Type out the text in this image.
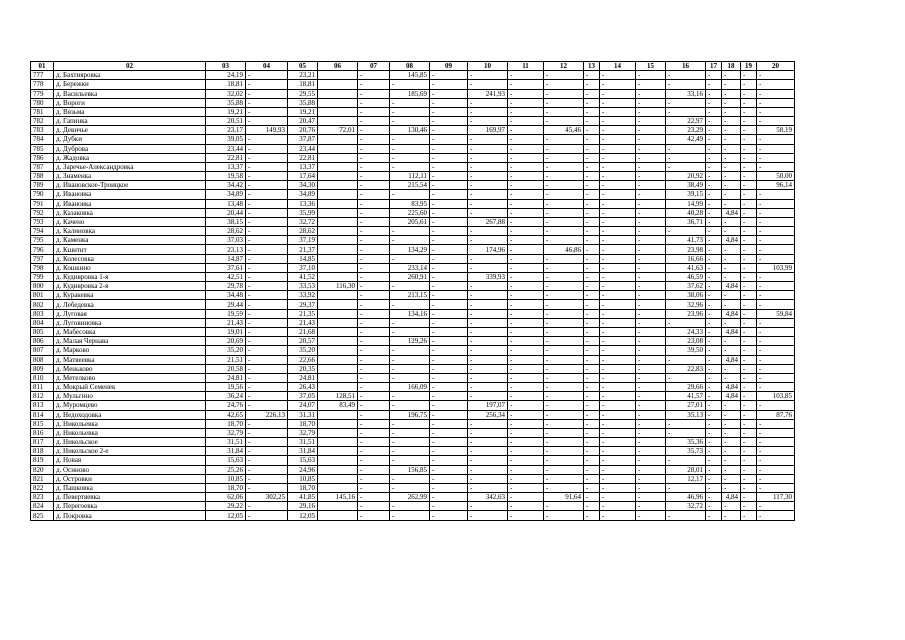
01	02	03	04	05	06	07	08	09	10	11	12	13	14	15	16	17	18	19	20
777	д. Бахтияровка	24,19	-	23,21		-	145,85	-	-	-	-	-	-	-	-	-	-	-	-
778	д. Бережки	18,81	-	18,81		-	-	-	-	-	-	-	-	-	-	-	-	-	-
779	д. Васильевка	32,02	-	29,55		-	185,69	-	241,93	-	-	-	-	-	33,16	-	-	-	-
780	д. Вороги	35,88	-	35,88		-	-	-	-	-	-	-	-	-	-	-	-	-	-
781	д. Вязьма	19,21	-	19,21		-	-	-	-	-	-	-	-	-	-	-	-	-	-
782	д. Гапинка	20,51	-	20,47		-	-	-	-	-	-	-	-	-	22,97	-	-	-	-
783	д. Девичье	23,17	149,93	20,76	72,01	-	130,46	-	169,97	-	45,46	-	-	-	23,29	-	-	-	58,19
784	д. Дубки	39,05	-	37,87		-	-	-	-	-	-	-	-	-	42,49	-	-	-	-
785	д. Дуброва	23,44	-	23,44		-	-	-	-	-	-	-	-	-	-	-	-	-	-
786	д. Жадовка	22,81	-	22,81		-	-	-	-	-	-	-	-	-	-	-	-	-	-
787	д. Заречье-Александровка	13,37	-	13,37		-	-	-	-	-	-	-	-	-	-	-	-	-	-
788	д. Знаменка	19,58	-	17,64		-	112,11	-	-	-	-	-	-	-	20,92	-	-	-	50,00
789	д. Ивановское-Троицкое	34,42	-	34,30		-	215,54	-	-	-	-	-	-	-	38,49	-	-	-	96,14
790	д. Ивановка	34,89	-	34,89		-	-	-	-	-	-	-	-	-	39,15	-	-	-	-
791	д. Ивановка	13,48	-	13,36		-	83,95	-	-	-	-	-	-	-	14,99	-	-	-	-
792	д. Казаковка	20,44	-	35,99		-	225,60	-	-	-	-	-	-	-	40,28	-	4,84	-	-
793	д. Качено	38,15	-	32,72		-	205,61	-	267,88	-	-	-	-	-	36,71	-	-	-	-
794	д. Калиновка	28,62	-	28,62		-	-	-	-	-	-	-	-	-	-	-	-	-	-
795	д. Каменка	37,03	-	37,19		-	-	-	-	-	-	-	-	-	41,73	-	4,84	-	-
796	д. Кшитнт	23,13	-	21,37		-	134,29	-	174,96	-	46,86	-	-	-	23,98	-	-	-	-
797	д. Колесовка	14,87	-	14,85		-	-	-	-	-	-	-	-	-	16,66	-	-	-	-
798	д. Кошкино	37,61	-	37,10		-	233,14	-	-	-	-	-	-	-	41,63	-	-	-	103,99
799	д. Кудияровка 1-я	42,51	-	41,52		-	260,91	-	339,93	-	-	-	-	-	46,59	-	-	-	-
800	д. Кудияровка 2-я	29,78	-	33,53	116,30	-	-	-	-	-	-	-	-	-	37,62	-	4,84	-	-
801	д. Куракевка	34,48	-	33,92		-	213,15	-	-	-	-	-	-	-	38,06	-	-	-	-
802	д. Лебедевка	29,44	-	29,37		-	-	-	-	-	-	-	-	-	32,96	-	-	-	-
803	д. Луговая	19,59	-	21,35		-	134,16	-	-	-	-	-	-	-	23,96	-	4,84	-	59,84
804	д. Луговиновка	21,43	-	21,43		-	-	-	-	-	-	-	-	-	-	-	-	-	-
805	д. Мабесовка	19,01	-	21,68		-	-	-	-	-	-	-	-	-	24,33	-	4,84	-	-
806	д. Малая Чернава	20,69	-	20,57		-	129,26	-	-	-	-	-	-	-	23,08	-	-	-	-
807	д. Марково	35,20	-	35,20		-	-	-	-	-	-	-	-	-	39,50	-	-	-	-
808	д. Матвеевка	21,51	-	22,66		-	-	-	-	-	-	-	-	-	-	-	4,84	-	-
809	д. Меньково	20,58	-	20,35		-	-	-	-	-	-	-	-	-	22,83	-	-	-	-
810	д. Метелково	24,81	-	24,81		-	-	-	-	-	-	-	-	-	-	-	-	-	-
811	д. Мокрый Семенек	19,56	-	26,43		-	166,09	-	-	-	-	-	-	-	29,66	-	4,84	-	-
812	д. Мульгино	36,24	-	37,05	128,51	-	-	-	-	-	-	-	-	-	41,57	-	4,84	-	103,85
813	д. Муромцево	24,76	-	24,07	83,49	-	-	-	197,07	-	-	-	-	-	27,01	-	-	-	-
814	д. Недоходовка	42,65	226,13	31,31		-	196,75	-	256,34	-	-	-	-	-	35,13	-	-	-	87,76
815	д. Никольевка	18,70	-	18,70		-	-	-	-	-	-	-	-	-	-	-	-	-	-
816	д. Никольевка	32,79	-	32,79		-	-	-	-	-	-	-	-	-	-	-	-	-	-
817	д. Никольское	31,51	-	31,51		-	-	-	-	-	-	-	-	-	35,36	-	-	-	-
818	д. Никольское 2-е	31,84	-	31,84		-	-	-	-	-	-	-	-	-	35,73	-	-	-	-
819	д. Новая	15,63	-	15,63		-	-	-	-	-	-	-	-	-	-	-	-	-	-
820	д. Осиново	25,26	-	24,96		-	156,85	-	-	-	-	-	-	-	28,01	-	-	-	-
821	д. Островки	10,85	-	10,85		-	-	-	-	-	-	-	-	-	12,17	-	-	-	-
822	д. Пашковка	18,70	-	18,70		-	-	-	-	-	-	-	-	-	-	-	-	-	-
823	д. Певертяевка	62,06	302,25	41,85	145,16	-	262,99	-	342,63	-	91,64	-	-	-	46,96	-	4,84	-	117,30
824	д. Перегоевка	29,22	-	29,16		-	-	-	-	-	-	-	-	-	32,72	-	-	-	-
825	д. Покровка	12,05	-	12,05		-	-	-	-	-	-	-	-	-	-	-	-	-	-
